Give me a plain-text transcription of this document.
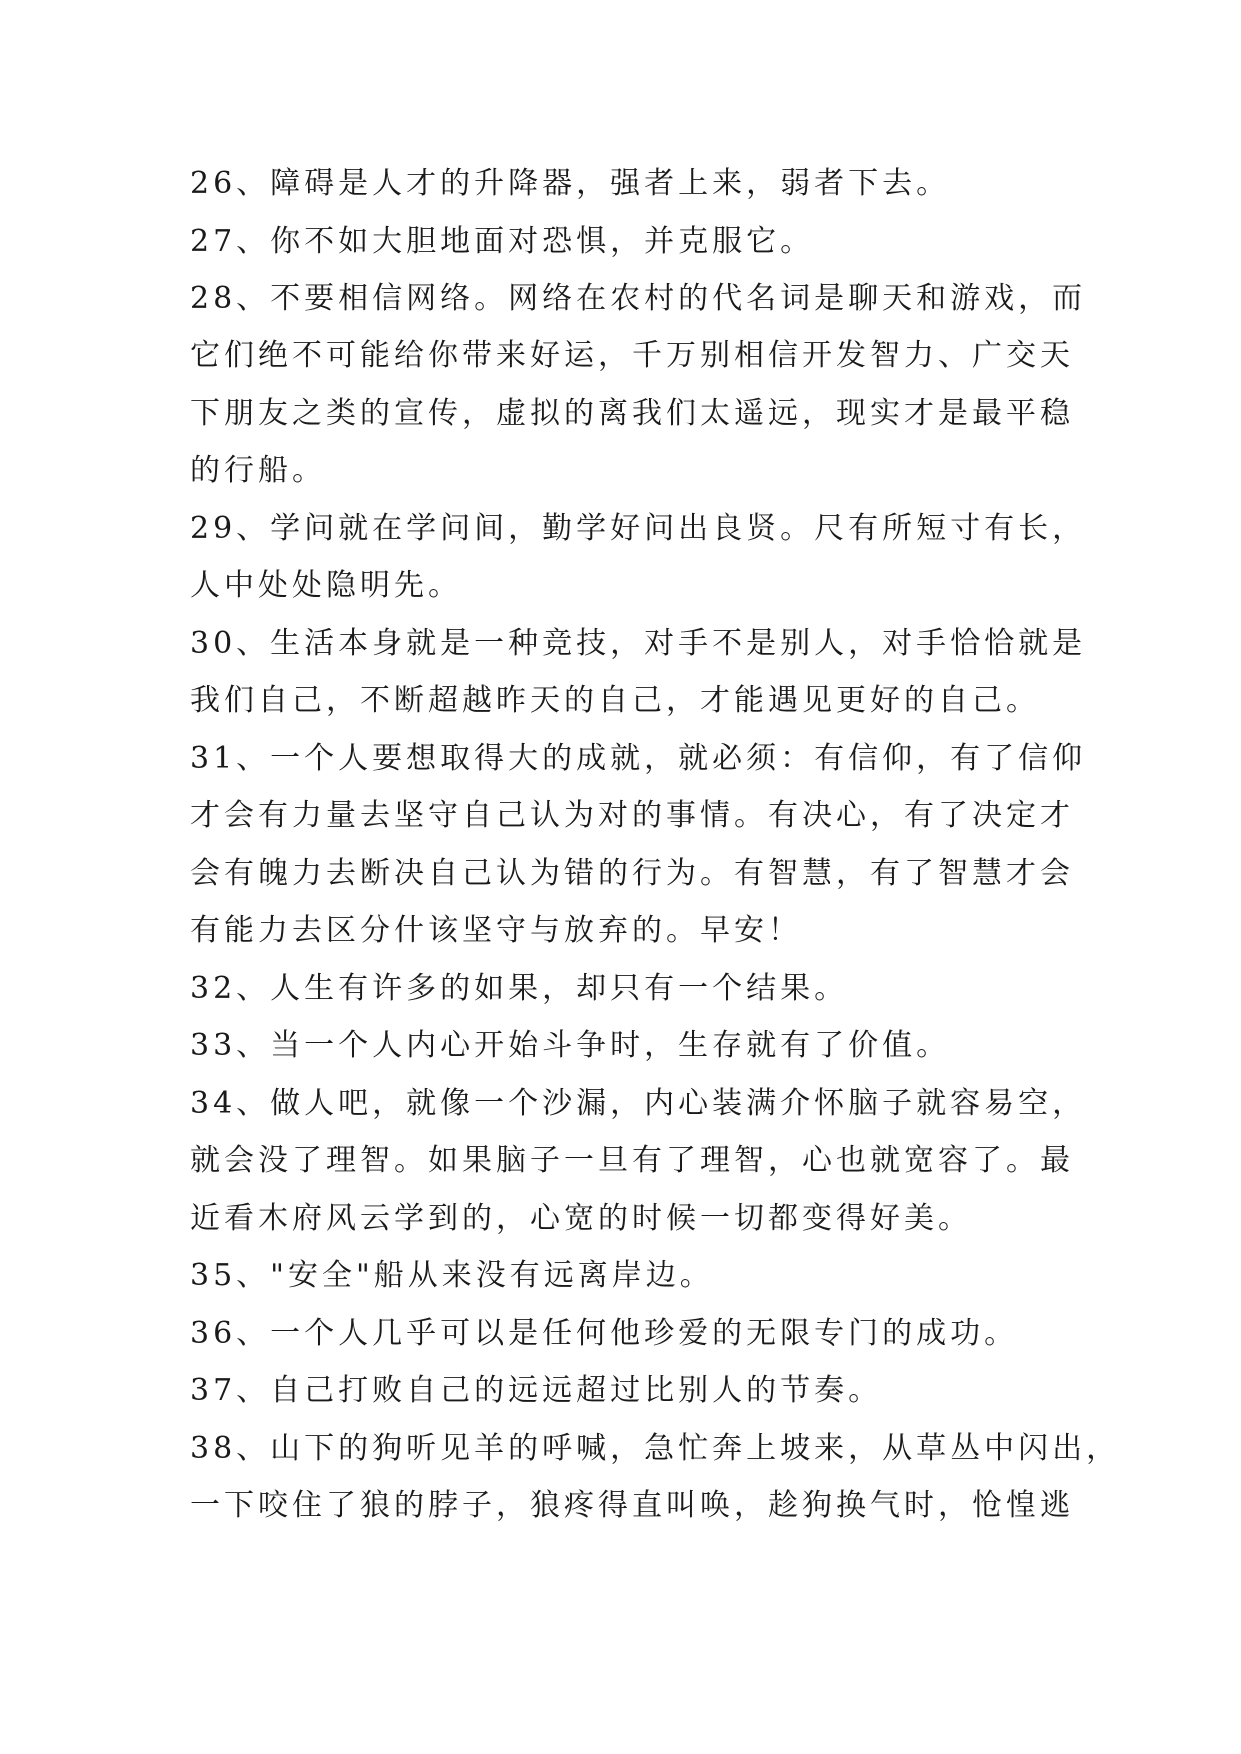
26、障碍是人才的升降器，强者上来，弱者下去。
27、你不如大胆地面对恐惧，并克服它。
28、不要相信网络。网络在农村的代名词是聊天和游戏，而
它们绝不可能给你带来好运，千万别相信开发智力、广交天
下朋友之类的宣传，虚拟的离我们太遥远，现实才是最平稳
的行船。
29、学问就在学问间，勤学好问出良贤。尺有所短寸有长，
人中处处隐明先。
30、生活本身就是一种竞技，对手不是别人，对手恰恰就是
我们自己，不断超越昨天的自己，才能遇见更好的自己。
31、一个人要想取得大的成就，就必须：有信仰，有了信仰
才会有力量去坚守自己认为对的事情。有决心，有了决定才
会有魄力去断决自己认为错的行为。有智慧，有了智慧才会
有能力去区分什该坚守与放弃的。早安！
32、人生有许多的如果，却只有一个结果。
33、当一个人内心开始斗争时，生存就有了价值。
34、做人吧，就像一个沙漏，内心装满介怀脑子就容易空，
就会没了理智。如果脑子一旦有了理智，心也就宽容了。最
近看木府风云学到的，心宽的时候一切都变得好美。
35、"安全"船从来没有远离岸边。
36、一个人几乎可以是任何他珍爱的无限专门的成功。
37、自己打败自己的远远超过比别人的节奏。
38、山下的狗听见羊的呼喊，急忙奔上坡来，从草丛中闪出，
一下咬住了狼的脖子，狼疼得直叫唤，趁狗换气时，怆惶逃
